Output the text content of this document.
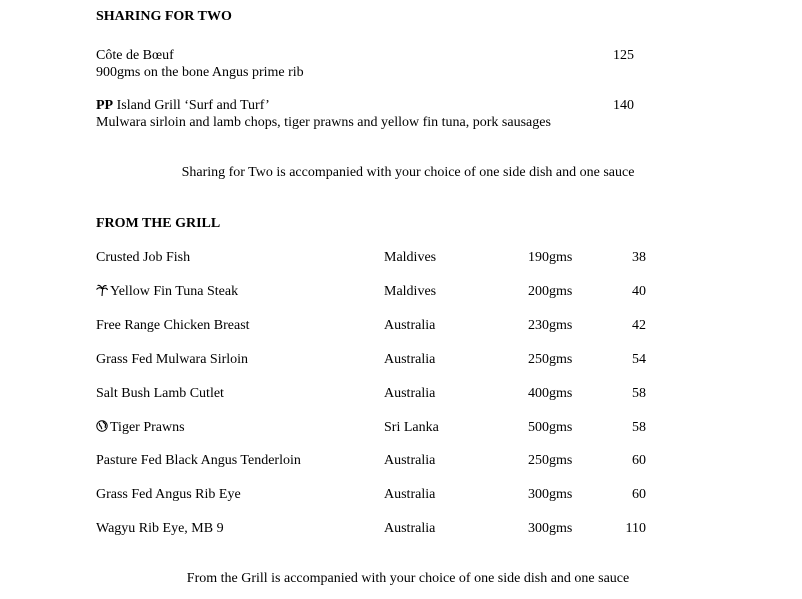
SHARING FOR TWO
Côte de Bœuf	125
900gms on the bone Angus prime rib
PP Island Grill ‘Surf and Turf’	140
Mulwara sirloin and lamb chops, tiger prawns and yellow fin tuna, pork sausages
Sharing for Two is accompanied with your choice of one side dish and one sauce
FROM THE GRILL
Crusted Job Fish	Maldives	190gms	38
Yellow Fin Tuna Steak	Maldives	200gms	40
Free Range Chicken Breast	Australia	230gms	42
Grass Fed Mulwara Sirloin	Australia	250gms	54
Salt Bush Lamb Cutlet	Australia	400gms	58
Tiger Prawns	Sri Lanka	500gms	58
Pasture Fed Black Angus Tenderloin	Australia	250gms	60
Grass Fed Angus Rib Eye	Australia	300gms	60
Wagyu Rib Eye, MB 9	Australia	300gms	110
From the Grill is accompanied with your choice of one side dish and one sauce
